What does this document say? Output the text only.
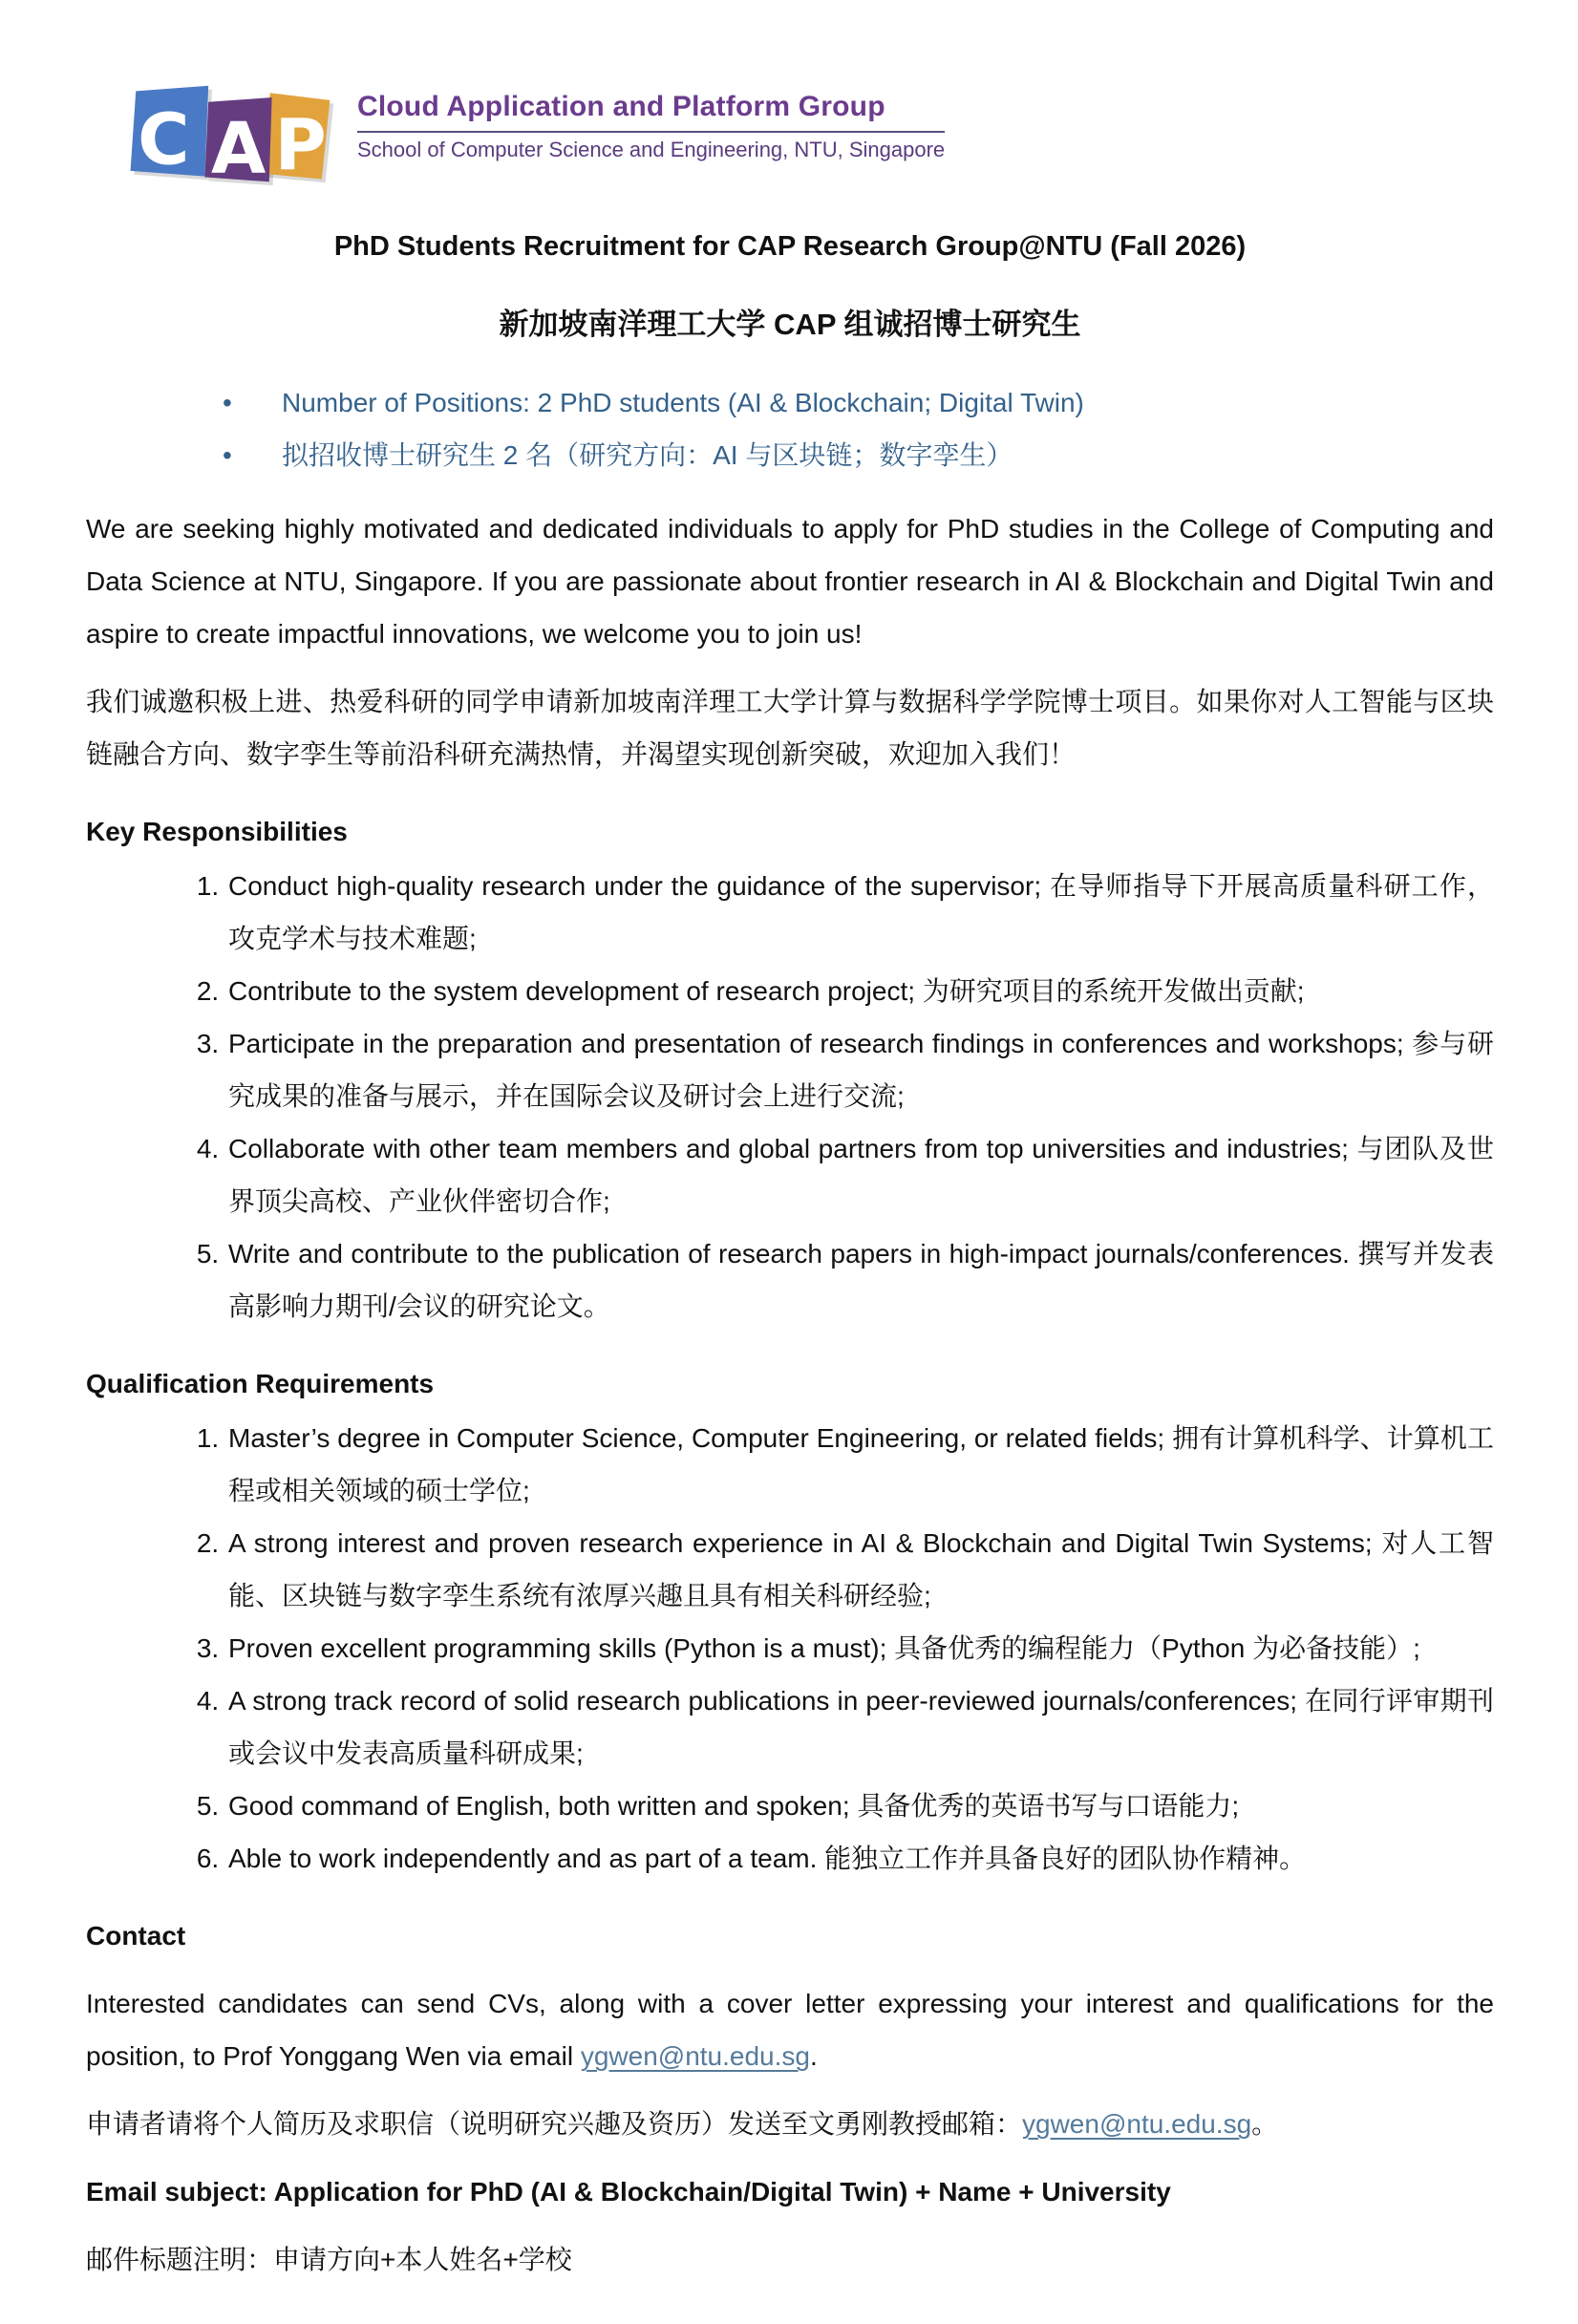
C A P Cloud Application and Platform Group
School of Computer Science and Engineering, NTU, Singapore
PhD Students Recruitment for CAP Research Group@NTU (Fall 2026)
新加坡南洋理工大学 CAP 组诚招博士研究生
•	Number of Positions: 2 PhD students (AI & Blockchain; Digital Twin)
•	拟招收博士研究生 2 名（研究方向：AI 与区块链；数字孪生）
We are seeking highly motivated and dedicated individuals to apply for PhD studies in the College of Computing and Data Science at NTU, Singapore. If you are passionate about frontier research in AI & Blockchain and Digital Twin and aspire to create impactful innovations, we welcome you to join us!
我们诚邀积极上进、热爱科研的同学申请新加坡南洋理工大学计算与数据科学学院博士项目。如果你对人工智能与区块链融合方向、数字孪生等前沿科研充满热情，并渴望实现创新突破，欢迎加入我们！
Key Responsibilities
1. Conduct high-quality research under the guidance of the supervisor; 在导师指导下开展高质量科研工作，攻克学术与技术难题;
2. Contribute to the system development of research project; 为研究项目的系统开发做出贡献;
3. Participate in the preparation and presentation of research findings in conferences and workshops; 参与研究成果的准备与展示，并在国际会议及研讨会上进行交流;
4. Collaborate with other team members and global partners from top universities and industries; 与团队及世界顶尖高校、产业伙伴密切合作;
5. Write and contribute to the publication of research papers in high-impact journals/conferences. 撰写并发表高影响力期刊/会议的研究论文。
Qualification Requirements
1. Master’s degree in Computer Science, Computer Engineering, or related fields; 拥有计算机科学、计算机工程或相关领域的硕士学位;
2. A strong interest and proven research experience in AI & Blockchain and Digital Twin Systems; 对人工智能、区块链与数字孪生系统有浓厚兴趣且具有相关科研经验;
3. Proven excellent programming skills (Python is a must); 具备优秀的编程能力（Python 为必备技能）;
4. A strong track record of solid research publications in peer-reviewed journals/conferences; 在同行评审期刊或会议中发表高质量科研成果;
5. Good command of English, both written and spoken; 具备优秀的英语书写与口语能力;
6. Able to work independently and as part of a team. 能独立工作并具备良好的团队协作精神。
Contact
Interested candidates can send CVs, along with a cover letter expressing your interest and qualifications for the position, to Prof Yonggang Wen via email ygwen@ntu.edu.sg.
申请者请将个人简历及求职信（说明研究兴趣及资历）发送至文勇刚教授邮箱：ygwen@ntu.edu.sg。
Email subject: Application for PhD (AI & Blockchain/Digital Twin) + Name + University
邮件标题注明：申请方向+本人姓名+学校
